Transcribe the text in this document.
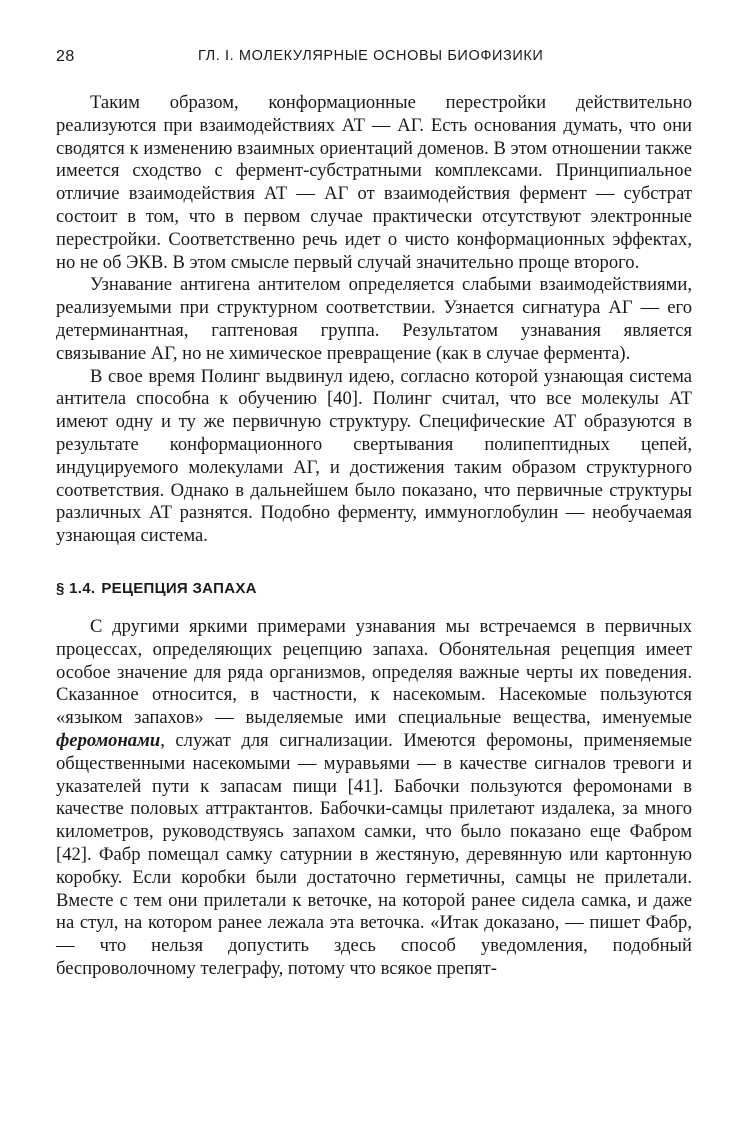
28	ГЛ. I. МОЛЕКУЛЯРНЫЕ ОСНОВЫ БИОФИЗИКИ

Таким образом, конформационные перестройки действительно реализуются при взаимодействиях АТ — АГ. Есть основания думать, что они сводятся к изменению взаимных ориентаций доменов. В этом отношении также имеется сходство с фермент-субстратными комплексами. Принципиальное отличие взаимодействия АТ — АГ от взаимодействия фермент — субстрат состоит в том, что в первом случае практически отсутствуют электронные перестройки. Соответственно речь идет о чисто конформационных эффектах, но не об ЭКВ. В этом смысле первый случай значительно проще второго.

Узнавание антигена антителом определяется слабыми взаимодействиями, реализуемыми при структурном соответствии. Узнается сигнатура АГ — его детерминантная, гаптеновая группа. Результатом узнавания является связывание АГ, но не химическое превращение (как в случае фермента).

В свое время Полинг выдвинул идею, согласно которой узнающая система антитела способна к обучению [40]. Полинг считал, что все молекулы АТ имеют одну и ту же первичную структуру. Специфические АТ образуются в результате конформационного свертывания полипептидных цепей, индуцируемого молекулами АГ, и достижения таким образом структурного соответствия. Однако в дальнейшем было показано, что первичные структуры различных АТ разнятся. Подобно ферменту, иммуноглобулин — необучаемая узнающая система.

§ 1.4. РЕЦЕПЦИЯ ЗАПАХА

С другими яркими примерами узнавания мы встречаемся в первичных процессах, определяющих рецепцию запаха. Обонятельная рецепция имеет особое значение для ряда организмов, определяя важные черты их поведения. Сказанное относится, в частности, к насекомым. Насекомые пользуются «языком запахов» — выделяемые ими специальные вещества, именуемые феромонами, служат для сигнализации. Имеются феромоны, применяемые общественными насекомыми — муравьями — в качестве сигналов тревоги и указателей пути к запасам пищи [41]. Бабочки пользуются феромонами в качестве половых аттрактантов. Бабочки-самцы прилетают издалека, за много километров, руководствуясь запахом самки, что было показано еще Фабром [42]. Фабр помещал самку сатурнии в жестяную, деревянную или картонную коробку. Если коробки были достаточно герметичны, самцы не прилетали. Вместе с тем они прилетали к веточке, на которой ранее сидела самка, и даже на стул, на котором ранее лежала эта веточка. «Итак доказано, — пишет Фабр, — что нельзя допустить здесь способ уведомления, подобный беспроволочному телеграфу, потому что всякое препят-
